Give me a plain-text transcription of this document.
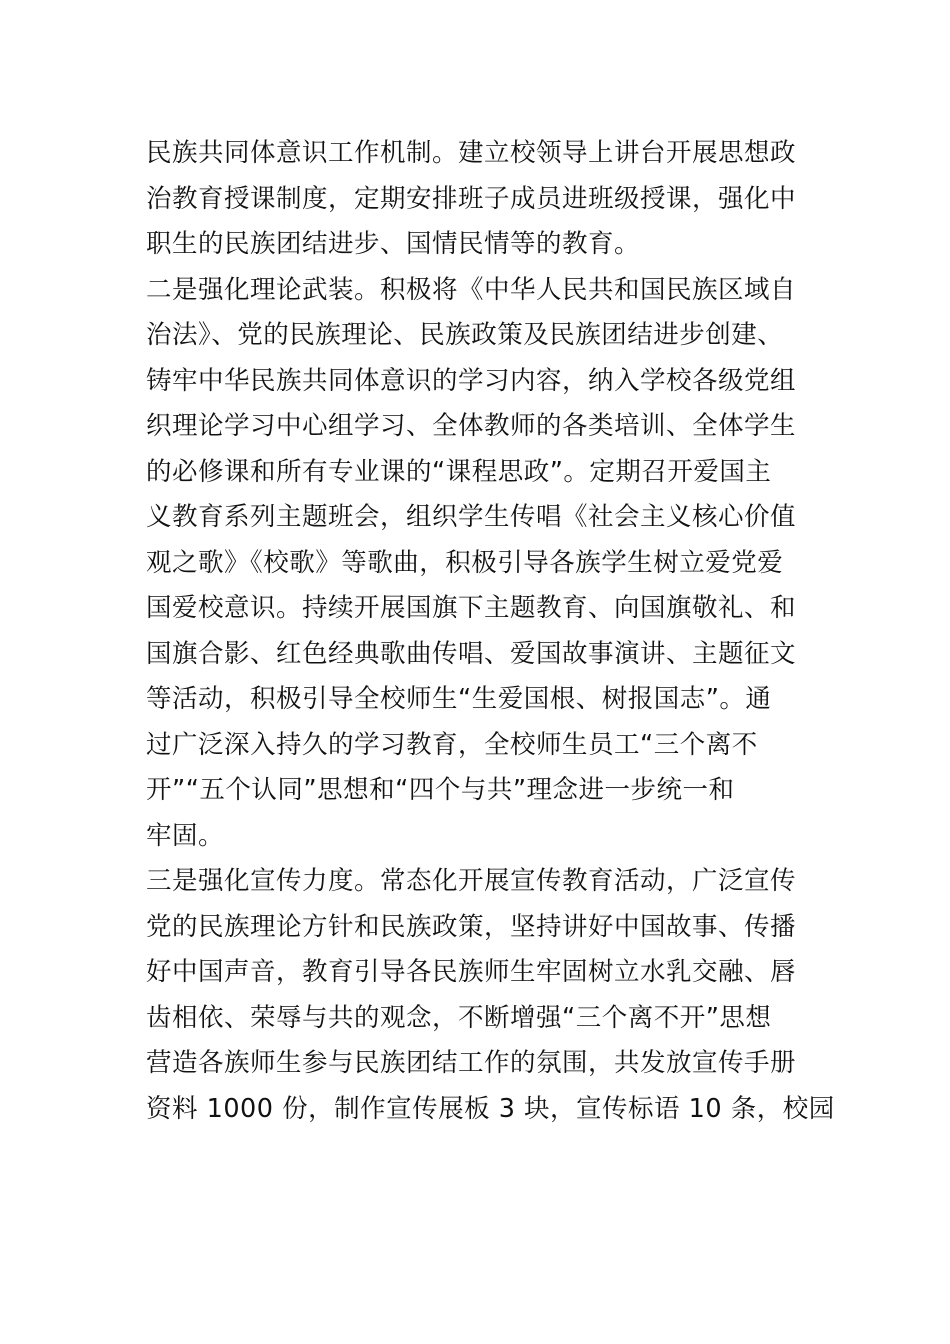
民族共同体意识工作机制。建立校领导上讲台开展思想政
治教育授课制度，定期安排班子成员进班级授课，强化中
职生的民族团结进步、国情民情等的教育。
二是强化理论武装。积极将《中华人民共和国民族区域自
治法》、党的民族理论、民族政策及民族团结进步创建、
铸牢中华民族共同体意识的学习内容，纳入学校各级党组
织理论学习中心组学习、全体教师的各类培训、全体学生
的必修课和所有专业课的“课程思政”。定期召开爱国主
义教育系列主题班会，组织学生传唱《社会主义核心价值
观之歌》《校歌》等歌曲，积极引导各族学生树立爱党爱
国爱校意识。持续开展国旗下主题教育、向国旗敬礼、和
国旗合影、红色经典歌曲传唱、爱国故事演讲、主题征文
等活动，积极引导全校师生“生爱国根、树报国志”。通
过广泛深入持久的学习教育，全校师生员工“三个离不
开”“五个认同”思想和“四个与共”理念进一步统一和
牢固。
三是强化宣传力度。常态化开展宣传教育活动，广泛宣传
党的民族理论方针和民族政策，坚持讲好中国故事、传播
好中国声音，教育引导各民族师生牢固树立水乳交融、唇
齿相依、荣辱与共的观念，不断增强“三个离不开”思想
营造各族师生参与民族团结工作的氛围，共发放宣传手册
资料 1000 份，制作宣传展板 3 块，宣传标语 10 条，校园
